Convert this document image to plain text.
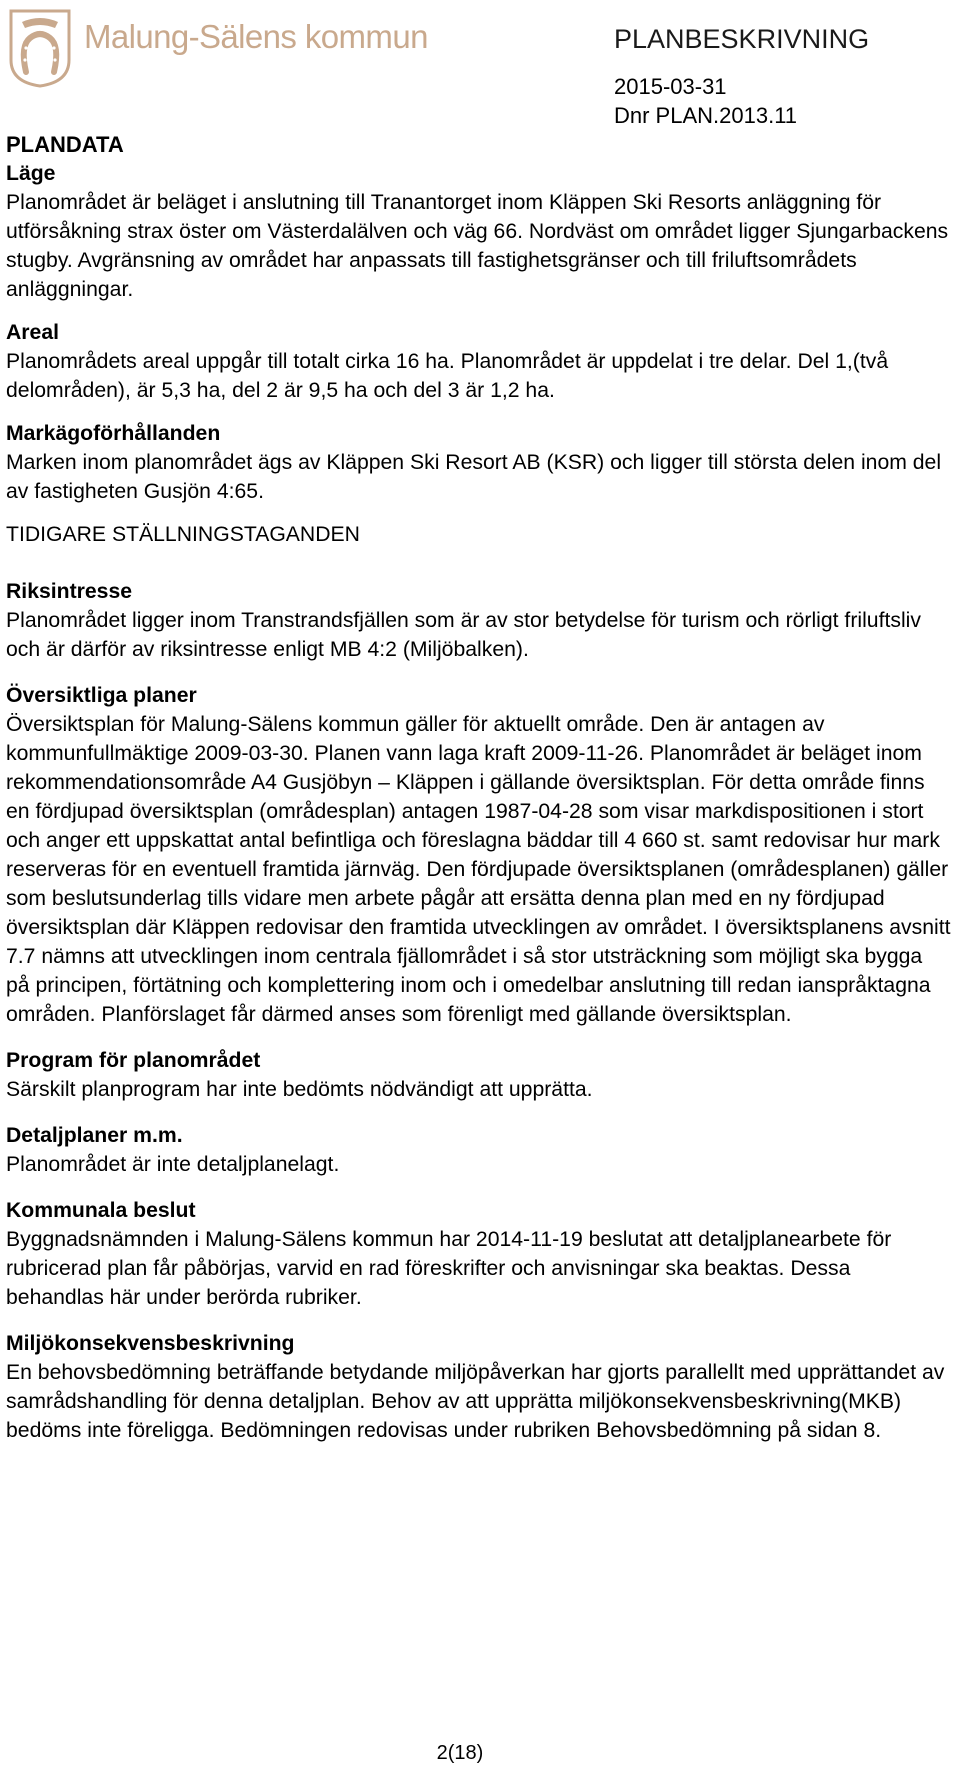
Malung-Sälens kommun	PLANBESKRIVNING
2015-03-31
Dnr PLAN.2013.11
PLANDATA
Läge
Planområdet är beläget i anslutning till Tranantorget inom Kläppen Ski Resorts anläggning för utförsåkning strax öster om Västerdalälven och väg 66. Nordväst om området ligger Sjungarbackens stugby. Avgränsning av området har anpassats till fastighetsgränser och till friluftsområdets anläggningar.
Areal
Planområdets areal uppgår till totalt cirka 16 ha. Planområdet är uppdelat i tre delar. Del 1,(två delområden), är 5,3 ha, del 2 är 9,5 ha och del 3 är 1,2 ha.
Markägoförhållanden
Marken inom planområdet ägs av Kläppen Ski Resort AB (KSR) och ligger till största delen inom del av fastigheten Gusjön 4:65.
TIDIGARE STÄLLNINGSTAGANDEN
Riksintresse
Planområdet ligger inom Transtrandsfjällen som är av stor betydelse för turism och rörligt friluftsliv och är därför av riksintresse enligt MB 4:2 (Miljöbalken).
Översiktliga planer
Översiktsplan för Malung-Sälens kommun gäller för aktuellt område. Den är antagen av kommunfullmäktige 2009-03-30. Planen vann laga kraft 2009-11-26. Planområdet är beläget inom rekommendationsområde A4 Gusjöbyn – Kläppen i gällande översiktsplan. För detta område finns en fördjupad översiktsplan (områdesplan) antagen 1987-04-28 som visar markdispositionen i stort och anger ett uppskattat antal befintliga och föreslagna bäddar till 4 660 st. samt redovisar hur mark reserveras för en eventuell framtida järnväg. Den fördjupade översiktsplanen (områdesplanen) gäller som beslutsunderlag tills vidare men arbete pågår att ersätta denna plan med en ny fördjupad översiktsplan där Kläppen redovisar den framtida utvecklingen av området. I översiktsplanens avsnitt 7.7 nämns att utvecklingen inom centrala fjällområdet i så stor utsträckning som möjligt ska bygga på principen, förtätning och komplettering inom och i omedelbar anslutning till redan ianspråktagna områden. Planförslaget får därmed anses som förenligt med gällande översiktsplan.
Program för planområdet
Särskilt planprogram har inte bedömts nödvändigt att upprätta.
Detaljplaner m.m.
Planområdet är inte detaljplanelagt.
Kommunala beslut
Byggnadsnämnden i Malung-Sälens kommun har 2014-11-19 beslutat att detaljplanearbete för rubricerad plan får påbörjas, varvid en rad föreskrifter och anvisningar ska beaktas. Dessa behandlas här under berörda rubriker.
Miljökonsekvensbeskrivning
En behovsbedömning beträffande betydande miljöpåverkan har gjorts parallellt med upprättandet av samrådshandling för denna detaljplan. Behov av att upprätta miljökonsekvensbeskrivning(MKB) bedöms inte föreligga. Bedömningen redovisas under rubriken Behovsbedömning på sidan 8.
2(18)
